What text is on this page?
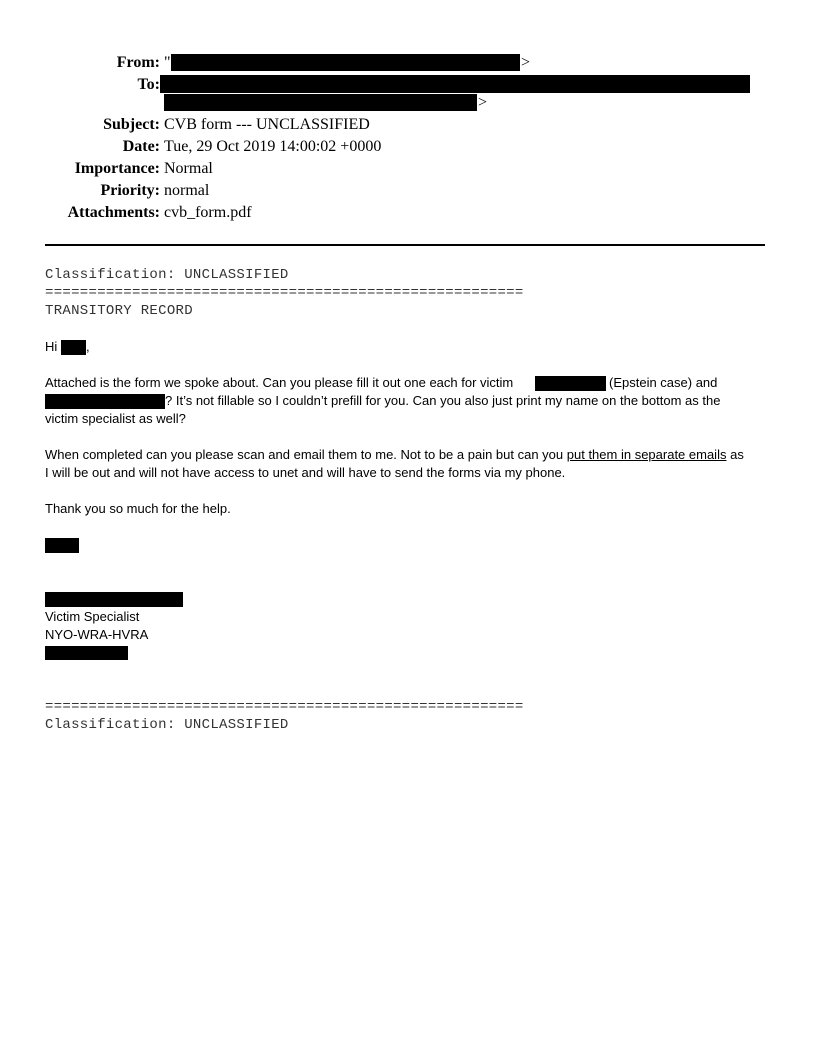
From: "	>
To:
>
Subject: CVB form --- UNCLASSIFIED
Date: Tue, 29 Oct 2019 14:00:02 +0000
Importance: Normal
Priority: normal
Attachments: cvb_form.pdf
Classification: UNCLASSIFIED
=======================================================
TRANSITORY RECORD
Hi ,
Attached is the form we spoke about. Can you please fill it out one each for victim	(Epstein case) and
? It’s not fillable so I couldn’t prefill for you. Can you also just print my name on the bottom as the
victim specialist as well?
When completed can you please scan and email them to me. Not to be a pain but can you put them in separate emails as
I will be out and will not have access to unet and will have to send the forms via my phone.
Thank you so much for the help.
Victim Specialist
NYO-WRA-HVRA
=======================================================
Classification: UNCLASSIFIED
